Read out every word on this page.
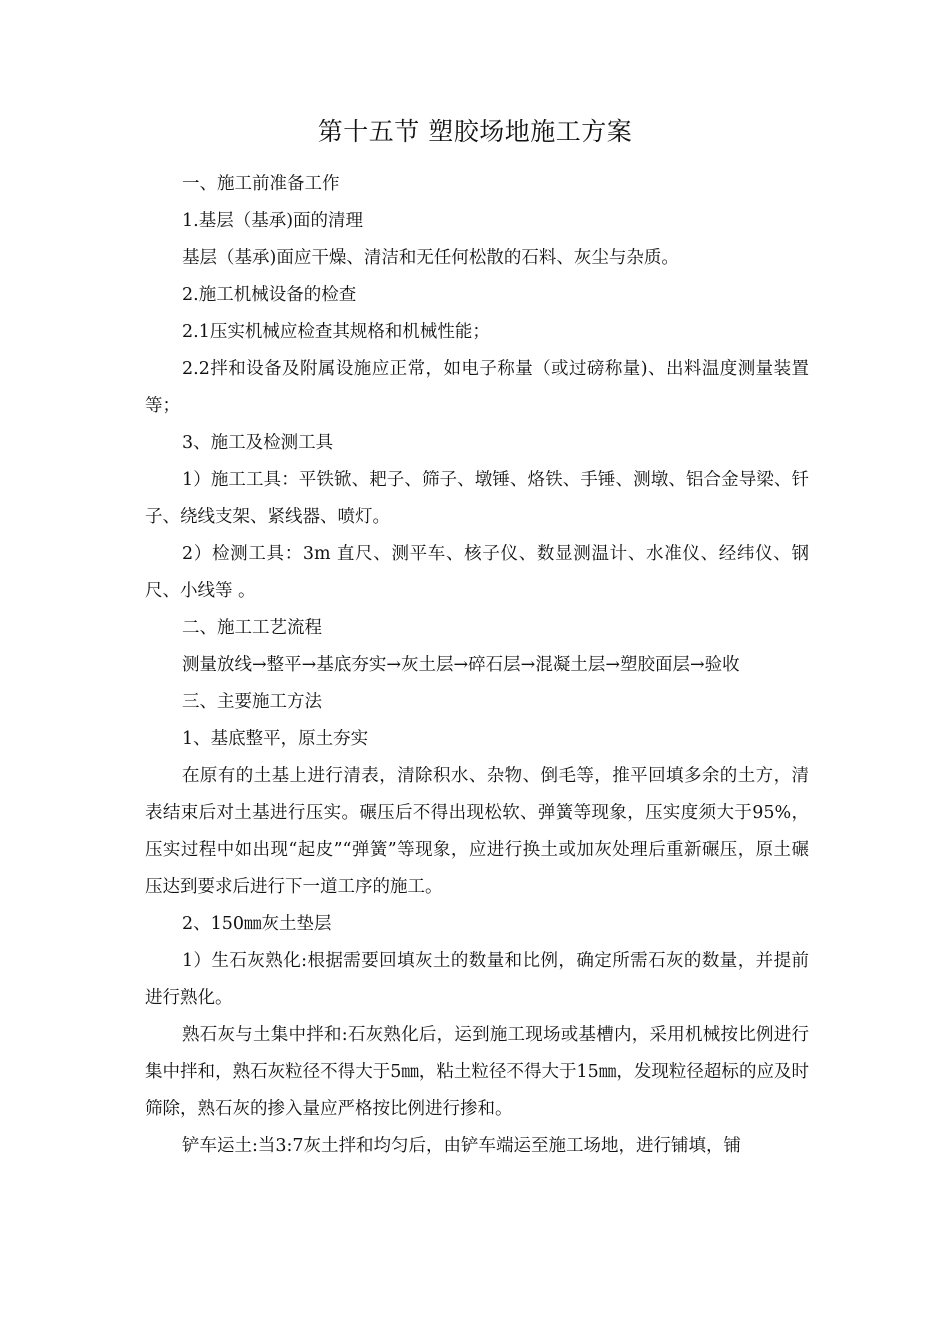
第十五节 塑胶场地施工方案

一、施工前准备工作

1.基层（基承)面的清理

基层（基承)面应干燥、清洁和无任何松散的石料、灰尘与杂质。

2.施工机械设备的检查

2.1压实机械应检查其规格和机械性能；

2.2拌和设备及附属设施应正常，如电子称量（或过磅称量)、出料温度测量装置等；

3、施工及检测工具

1）施工工具：平铁锨、耙子、筛子、墩锤、烙铁、手锤、测墩、铝合金导梁、钎子、绕线支架、紧线器、喷灯。

2）检测工具：3m 直尺、测平车、核子仪、数显测温计、水准仪、经纬仪、钢尺、小线等 。

二、施工工艺流程

测量放线→整平→基底夯实→灰土层→碎石层→混凝土层→塑胶面层→验收

三、主要施工方法

1、基底整平，原土夯实

在原有的土基上进行清表，清除积水、杂物、倒毛等，推平回填多余的土方，清表结束后对土基进行压实。碾压后不得出现松软、弹簧等现象，压实度须大于95%，压实过程中如出现“起皮”“弹簧”等现象，应进行换土或加灰处理后重新碾压，原土碾压达到要求后进行下一道工序的施工。

2、150㎜灰土垫层

1）生石灰熟化:根据需要回填灰土的数量和比例，确定所需石灰的数量，并提前进行熟化。

熟石灰与土集中拌和:石灰熟化后，运到施工现场或基槽内，采用机械按比例进行集中拌和，熟石灰粒径不得大于5㎜，粘土粒径不得大于15㎜，发现粒径超标的应及时筛除，熟石灰的掺入量应严格按比例进行掺和。

铲车运土:当3:7灰土拌和均匀后，由铲车端运至施工场地，进行铺填，铺
